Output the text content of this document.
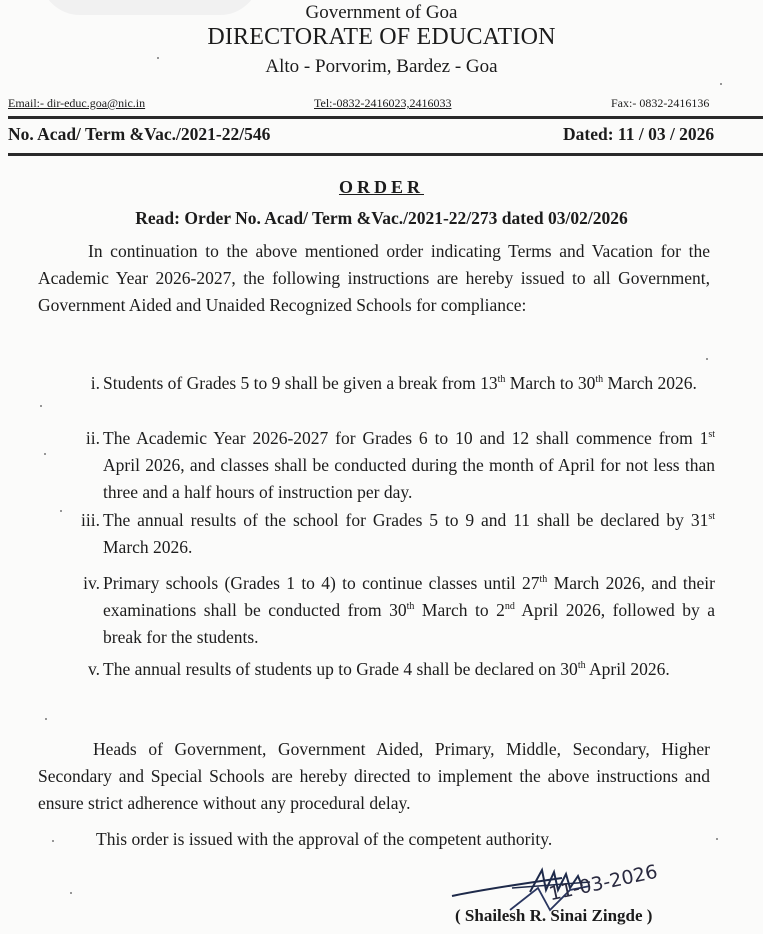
Government of Goa
DIRECTORATE OF EDUCATION
Alto - Porvorim, Bardez - Goa
Email:- dir-educ.goa@nic.in	Tel:-0832-2416023,2416033	Fax:- 0832-2416136
No. Acad/ Term &Vac./2021-22/546	Dated: 11 / 03 / 2026
ORDER
Read: Order No. Acad/ Term &Vac./2021-22/273 dated 03/02/2026
In continuation to the above mentioned order indicating Terms and Vacation for the Academic Year 2026-2027, the following instructions are hereby issued to all Government, Government Aided and Unaided Recognized Schools for compliance:
i. Students of Grades 5 to 9 shall be given a break from 13th March to 30th March 2026.
ii. The Academic Year 2026-2027 for Grades 6 to 10 and 12 shall commence from 1st April 2026, and classes shall be conducted during the month of April for not less than three and a half hours of instruction per day.
iii. The annual results of the school for Grades 5 to 9 and 11 shall be declared by 31st March 2026.
iv. Primary schools (Grades 1 to 4) to continue classes until 27th March 2026, and their examinations shall be conducted from 30th March to 2nd April 2026, followed by a break for the students.
v. The annual results of students up to Grade 4 shall be declared on 30th April 2026.
Heads of Government, Government Aided, Primary, Middle, Secondary, Higher Secondary and Special Schools are hereby directed to implement the above instructions and ensure strict adherence without any procedural delay.
This order is issued with the approval of the competent authority.
11-03-2026
( Shailesh R. Sinai Zingde )
